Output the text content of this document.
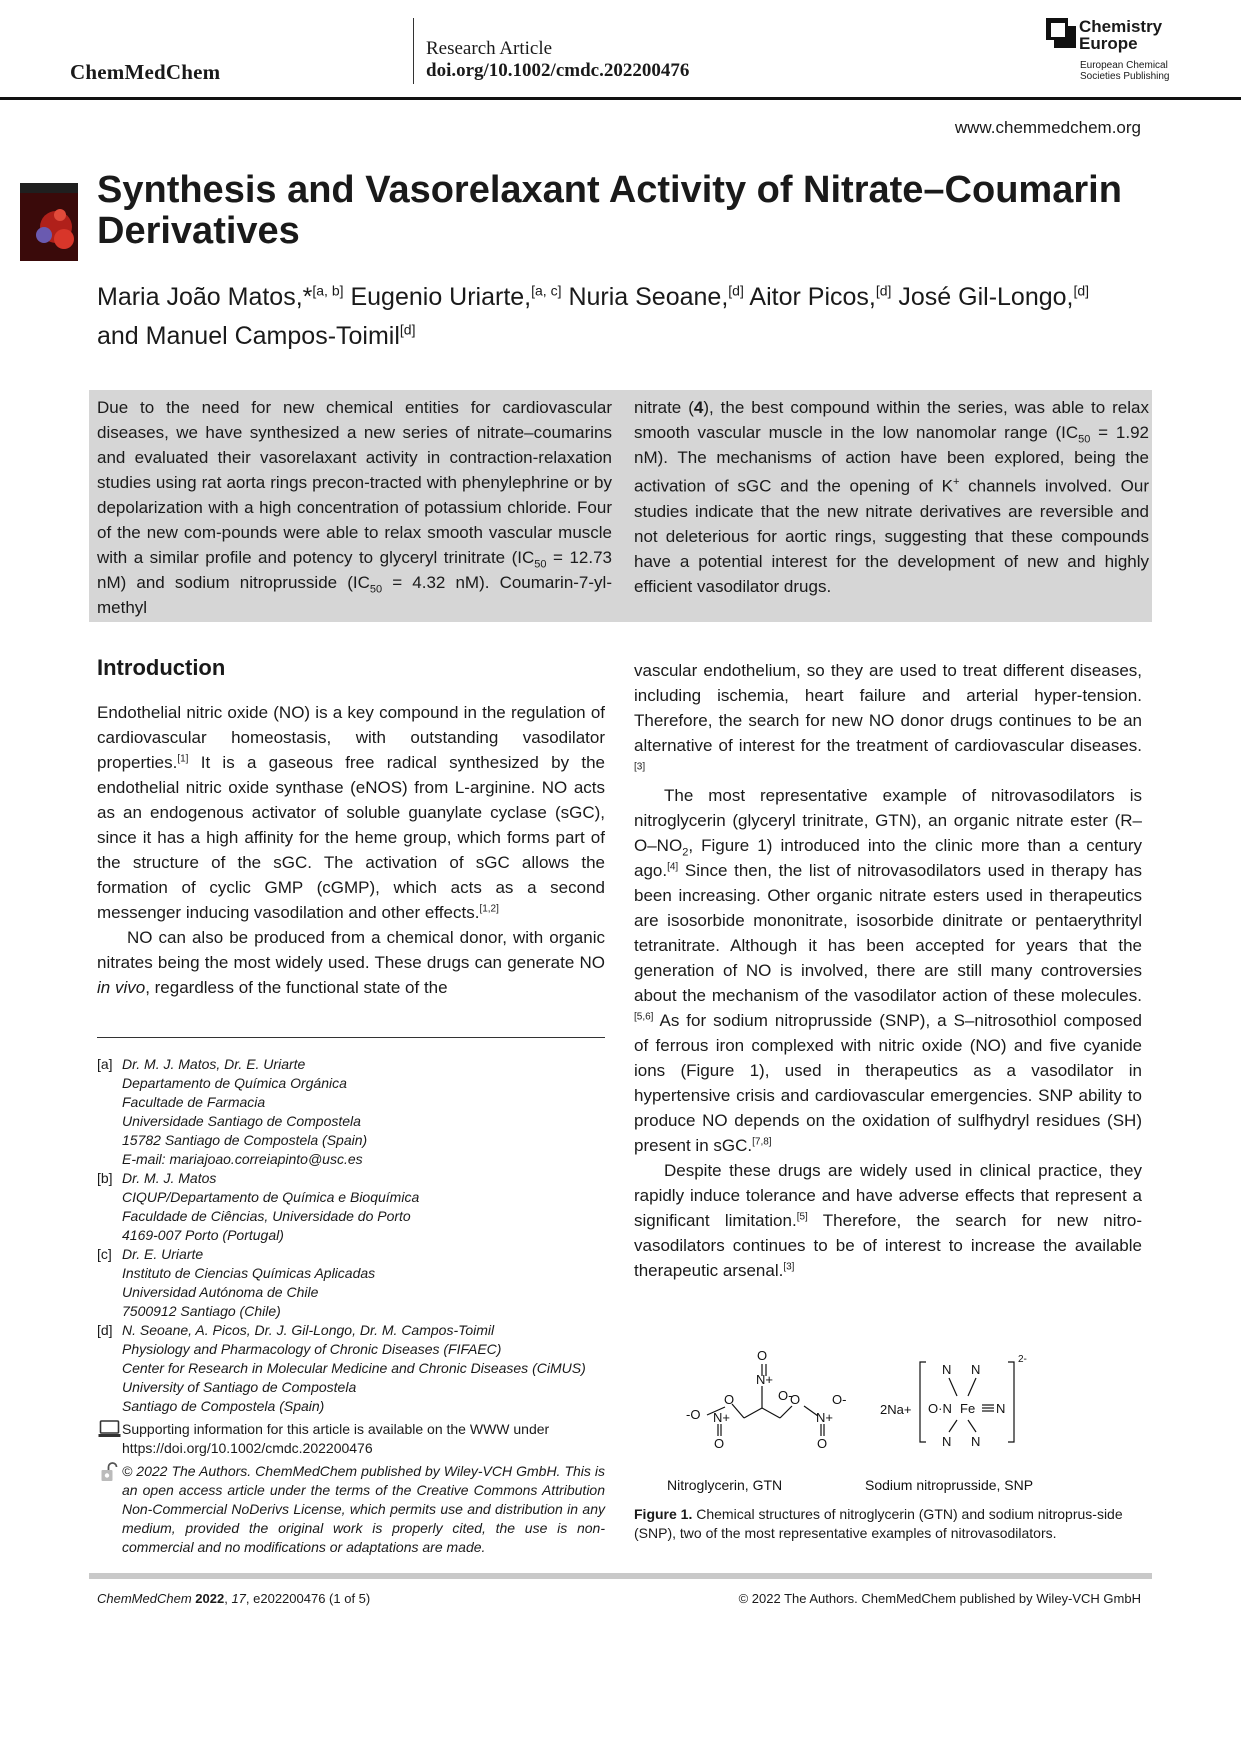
ChemMedChem
Research Article
doi.org/10.1002/cmdc.202200476
Chemistry
Europe
European Chemical
Societies Publishing
www.chemmedchem.org
Synthesis and Vasorelaxant Activity of Nitrate–Coumarin Derivatives
Maria João Matos,*[a, b] Eugenio Uriarte,[a, c] Nuria Seoane,[d] Aitor Picos,[d] José Gil-Longo,[d]
and Manuel Campos-Toimil[d]
Due to the need for new chemical entities for cardiovascular diseases, we have synthesized a new series of nitrate–coumarins and evaluated their vasorelaxant activity in contraction-relaxation studies using rat aorta rings precon-tracted with phenylephrine or by depolarization with a high concentration of potassium chloride. Four of the new com-pounds were able to relax smooth vascular muscle with a similar profile and potency to glyceryl trinitrate ($IC_{50} = 12.73$ nM) and sodium nitroprusside ($IC_{50} = 4.32$ nM). Coumarin-7-yl-methyl
nitrate (4), the best compound within the series, was able to relax smooth vascular muscle in the low nanomolar range ($IC_{50} = 1.92$ nM). The mechanisms of action have been explored, being the activation of sGC and the opening of K+ channels involved. Our studies indicate that the new nitrate derivatives are reversible and not deleterious for aortic rings, suggesting that these compounds have a potential interest for the development of new and highly efficient vasodilator drugs.
Introduction

Endothelial nitric oxide (NO) is a key compound in the regulation of cardiovascular homeostasis, with outstanding vasodilator properties.[1] It is a gaseous free radical synthesized by the endothelial nitric oxide synthase (eNOS) from L-arginine. NO acts as an endogenous activator of soluble guanylate cyclase (sGC), since it has a high affinity for the heme group, which forms part of the structure of the sGC. The activation of sGC allows the formation of cyclic GMP (cGMP), which acts as a second messenger inducing vasodilation and other effects.[1,2]

NO can also be produced from a chemical donor, with organic nitrates being the most widely used. These drugs can generate NO in vivo, regardless of the functional state of the

[a] Dr. M. J. Matos, Dr. E. Uriarte
Departamento de Química Orgánica
Facultade de Farmacia
Universidade Santiago de Compostela
15782 Santiago de Compostela (Spain)
E-mail: mariajoao.correiapinto@usc.es
[b] Dr. M. J. Matos
CIQUP/Departamento de Química e Bioquímica
Faculdade de Ciências, Universidade do Porto
4169-007 Porto (Portugal)
[c] Dr. E. Uriarte
Instituto de Ciencias Químicas Aplicadas
Universidad Autónoma de Chile
7500912 Santiago (Chile)
[d] N. Seoane, A. Picos, Dr. J. Gil-Longo, Dr. M. Campos-Toimil
Physiology and Pharmacology of Chronic Diseases (FIFAEC)
Center for Research in Molecular Medicine and Chronic Diseases (CiMUS)
University of Santiago de Compostela
Santiago de Compostela (Spain)
Supporting information for this article is available on the WWW under https://doi.org/10.1002/cmdc.202200476
© 2022 The Authors. ChemMedChem published by Wiley-VCH GmbH. This is an open access article under the terms of the Creative Commons Attribution Non-Commercial NoDerivs License, which permits use and distribution in any medium, provided the original work is properly cited, the use is non-commercial and no modifications or adaptations are made.

vascular endothelium, so they are used to treat different diseases, including ischemia, heart failure and arterial hyper-tension. Therefore, the search for new NO donor drugs continues to be an alternative of interest for the treatment of cardiovascular diseases.[3]

The most representative example of nitrovasodilators is nitroglycerin (glyceryl trinitrate, GTN), an organic nitrate ester ($R-O-NO_2$, Figure 1) introduced into the clinic more than a century ago.[4] Since then, the list of nitrovasodilators used in therapy has been increasing. Other organic nitrate esters used in therapeutics are isosorbide mononitrate, isosorbide dinitrate or pentaerythrityl tetranitrate. Although it has been accepted for years that the generation of NO is involved, there are still many controversies about the mechanism of the vasodilator action of these molecules.[5,6] As for sodium nitroprusside (SNP), a S–nitrosothiol composed of ferrous iron complexed with nitric oxide (NO) and five cyanide ions (Figure 1), used in therapeutics as a vasodilator in hypertensive crisis and cardiovascular emergencies. SNP ability to produce NO depends on the oxidation of sulfhydryl residues (SH) present in sGC.[7,8]

Despite these drugs are widely used in clinical practice, they rapidly induce tolerance and have adverse effects that represent a significant limitation.[5] Therefore, the search for new nitro-vasodilators continues to be of interest to increase the available therapeutic arsenal.[3]

-O N+
O
O
N+
O
O-
O
N+
O
O-
Nitroglycerin, GTN
2Na+
N N
O·N Fe N
N N
2-
Sodium nitroprusside, SNP
Figure 1. Chemical structures of nitroglycerin (GTN) and sodium nitroprus-side (SNP), two of the most representative examples of nitrovasodilators.
ChemMedChem 2022, 17, e202200476 (1 of 5)	© 2022 The Authors. ChemMedChem published by Wiley-VCH GmbH
